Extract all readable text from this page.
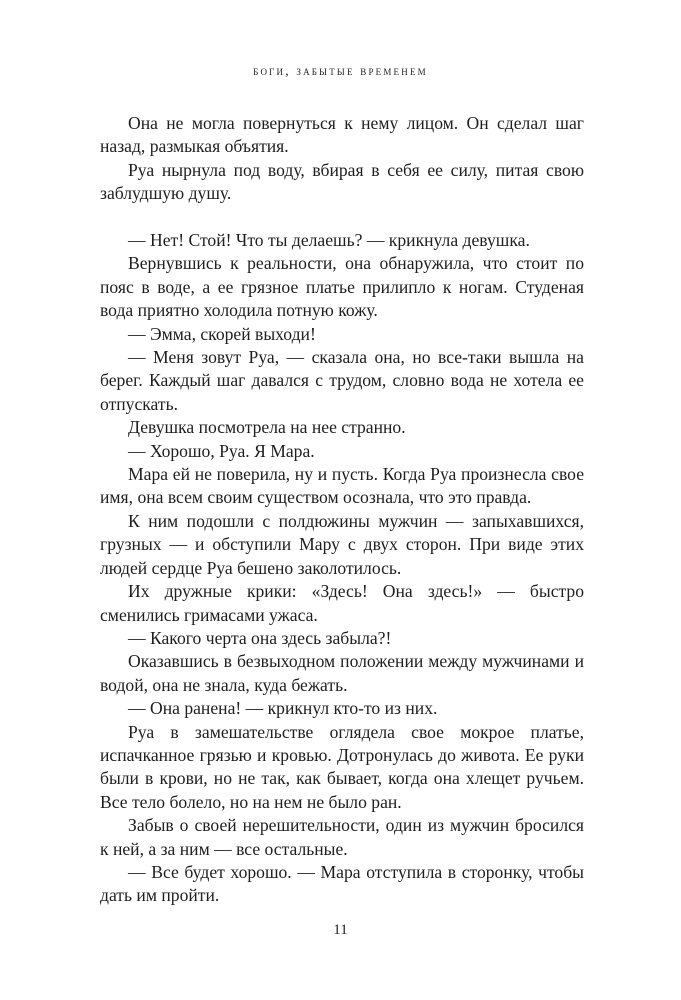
боги, забытые временем

Она не могла повернуться к нему лицом. Он сделал шаг назад, размыкая объятия.

Руа нырнула под воду, вбирая в себя ее силу, питая свою заблудшую душу.

— Нет! Стой! Что ты делаешь? — крикнула девушка.

Вернувшись к реальности, она обнаружила, что стоит по пояс в воде, а ее грязное платье прилипло к ногам. Студеная вода приятно холодила потную кожу.

— Эмма, скорей выходи!

— Меня зовут Руа, — сказала она, но все-таки вышла на берег. Каждый шаг давался с трудом, словно вода не хотела ее отпускать.

Девушка посмотрела на нее странно.

— Хорошо, Руа. Я Мара.

Мара ей не поверила, ну и пусть. Когда Руа произнесла свое имя, она всем своим существом осознала, что это правда.

К ним подошли с полдюжины мужчин — запыхавшихся, грузных — и обступили Мару с двух сторон. При виде этих людей сердце Руа бешено заколотилось.

Их дружные крики: «Здесь! Она здесь!» — быстро сменились гримасами ужаса.

— Какого черта она здесь забыла?!

Оказавшись в безвыходном положении между мужчинами и водой, она не знала, куда бежать.

— Она ранена! — крикнул кто-то из них.

Руа в замешательстве оглядела свое мокрое платье, испачканное грязью и кровью. Дотронулась до живота. Ее руки были в крови, но не так, как бывает, когда она хлещет ручьем. Все тело болело, но на нем не было ран.

Забыв о своей нерешительности, один из мужчин бросился к ней, а за ним — все остальные.

— Все будет хорошо. — Мара отступила в сторонку, чтобы дать им пройти.

11
